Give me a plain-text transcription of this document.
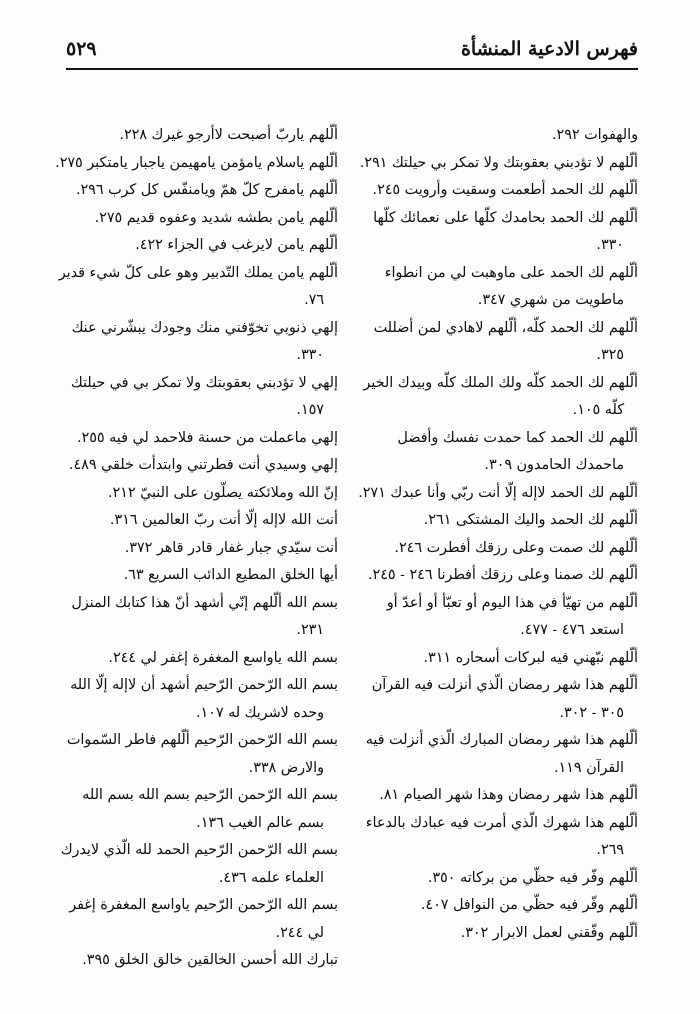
فهرس الادعية المنشأة
٥٢٩

والهفوات ٢٩٢.

ألّلهم لا تؤدبني بعقوبتك ولا تمكر بي حيلتك ٢٩١.

ألّلهم لك الحمد أطعمت وسقيت وأرويت ٢٤٥.

ألّلهم لك الحمد بحامدك كلّها على نعمائك كلّها ٣٣٠.

ألّلهم لك الحمد على ماوهبت لي من انطواء ماطويت من شهري ٣٤٧.

ألّلهم لك الحمد كلّه، ألّلهم لاهادي لمن أضللت ٣٢٥.

ألّلهم لك الحمد كلّه ولك الملك كلّه وبيدك الخير كلّه ١٠٥.

ألّلهم لك الحمد كما حمدت نفسك وأفضل ماحمدك الحامدون ٣٠٩.

ألّلهم لك الحمد لاإله إلّا أنت ربّي وأنا عبدك ٢٧١.

ألّلهم لك الحمد واليك المشتكى ٢٦١.

ألّلهم لك صمت وعلى رزقك أفطرت ٢٤٦.

ألّلهم لك صمنا وعلى رزقك أفطرنا ٢٤٦ - ٢٤٥.

ألّلهم من تهيّأ في هذا اليوم أو تعبّأ أو أعدّ أو استعد ٤٧٦ - ٤٧٧.

ألّلهم نبّهني فيه لبركات أسحاره ٣١١.

ألّلهم هذا شهر رمضان الّذي أنزلت فيه القرآن ٣٠٥ - ٣٠٢.

ألّلهم هذا شهر رمضان المبارك الّذي أنزلت فيه القرآن ١١٩.

ألّلهم هذا شهر رمضان وهذا شهر الصيام ٨١.

ألّلهم هذا شهرك الّذي أمرت فيه عبادك بالدعاء ٢٦٩.

ألّلهم وفّر فيه حظّي من بركاته ٣٥٠.

ألّلهم وفّر فيه حظّي من النوافل ٤٠٧.

ألّلهم وفّقني لعمل الابرار ٣٠٢.

ألّلهم ياربّ أصبحت لاأرجو غيرك ٢٢٨.

ألّلهم ياسلام يامؤمن يامهيمن ياجبار يامتكبر ٢٧٥.

ألّلهم يامفرج كلّ همّ ويامنفّس كل كرب ٢٩٦.

ألّلهم يامن بطشه شديد وعفوه قديم ٢٧٥.

ألّلهم يامن لايرغب في الجزاء ٤٢٢.

ألّلهم يامن يملك التّدبير وهو على كلّ شيء قدير ٧٦.

إلهي ذنوبي تخوّفني منك وجودك يبشّرني عنك ٣٣٠.

إلهي لا تؤدبني بعقوبتك ولا تمكر بي في حيلتك ١٥٧.

إلهي ماعملت من حسنة فلاحمد لي فيه ٢٥٥.

إلهي وسيدي أنت فطرتني وابتدأت خلقي ٤٨٩.

إنّ الله وملائكته يصلّون على النبيّ ٢١٢.

أنت الله لاإله إلّا أنت ربّ العالمين ٣١٦.

أنت سيّدي جبار غفار قادر قاهر ٣٧٢.

أيها الخلق المطيع الدائب السريع ٦٣.

بسم الله ألّلهم إنّي أشهد أنّ هذا كتابك المنزل ٢٣١.

بسم الله ياواسع المغفرة إغفر لي ٢٤٤.

بسم الله الرّحمن الرّحيم أشهد أن لاإله إلّا الله وحده لاشريك له ١٠٧.

بسم الله الرّحمن الرّحيم ألّلهم فاطر السّموات والارض ٣٣٨.

بسم الله الرّحمن الرّحيم بسم الله بسم الله بسم عالم الغيب ١٣٦.

بسم الله الرّحمن الرّحيم الحمد لله الّذي لايدرك العلماء علمه ٤٣٦.

بسم الله الرّحمن الرّحيم ياواسع المغفرة إغفر لي ٢٤٤.

تبارك الله أحسن الخالقين خالق الخلق ٣٩٥.
